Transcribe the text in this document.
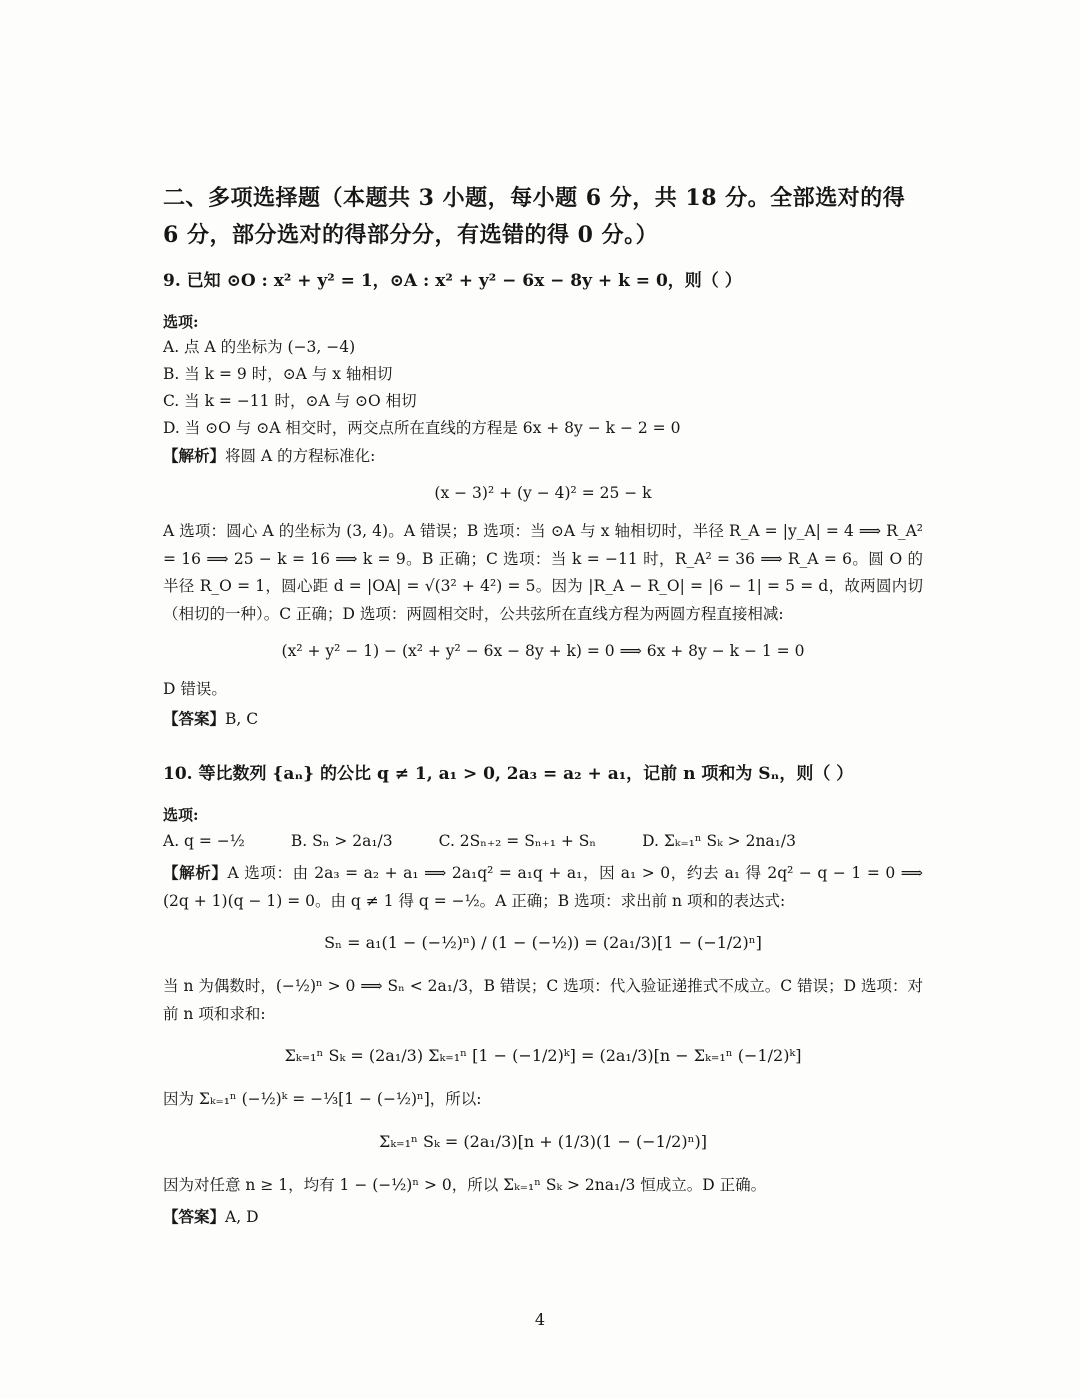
二、多项选择题（本题共 3 小题，每小题 6 分，共 18 分。全部选对的得 6 分，部分选对的得部分分，有选错的得 0 分。）

9. 已知 ⊙O : x² + y² = 1，⊙A : x² + y² − 6x − 8y + k = 0，则（ ）

选项:

A. 点 A 的坐标为 (−3, −4)

B. 当 k = 9 时，⊙A 与 x 轴相切

C. 当 k = −11 时，⊙A 与 ⊙O 相切

D. 当 ⊙O 与 ⊙A 相交时，两交点所在直线的方程是 6x + 8y − k − 2 = 0

【解析】将圆 A 的方程标准化:

(x − 3)² + (y − 4)² = 25 − k

A 选项：圆心 A 的坐标为 (3, 4)。A 错误；B 选项：当 ⊙A 与 x 轴相切时，半径 R_A = |y_A| = 4 ⟹ R_A² = 16 ⟹ 25 − k = 16 ⟹ k = 9。B 正确；C 选项：当 k = −11 时，R_A² = 36 ⟹ R_A = 6。圆 O 的半径 R_O = 1，圆心距 d = |OA| = √(3² + 4²) = 5。因为 |R_A − R_O| = |6 − 1| = 5 = d，故两圆内切（相切的一种）。C 正确；D 选项：两圆相交时，公共弦所在直线方程为两圆方程直接相减:

(x² + y² − 1) − (x² + y² − 6x − 8y + k) = 0 ⟹ 6x + 8y − k − 1 = 0

D 错误。

【答案】B, C

10. 等比数列 {aₙ} 的公比 q ≠ 1, a₁ > 0, 2a₃ = a₂ + a₁，记前 n 项和为 Sₙ，则（ ）

选项:
A. q = −½	B. Sₙ > 2a₁/3	C. 2Sₙ₊₂ = Sₙ₊₁ + Sₙ	D. Σₖ₌₁ⁿ Sₖ > 2na₁/3

【解析】A 选项：由 2a₃ = a₂ + a₁ ⟹ 2a₁q² = a₁q + a₁，因 a₁ > 0，约去 a₁ 得 2q² − q − 1 = 0 ⟹ (2q + 1)(q − 1) = 0。由 q ≠ 1 得 q = −½。A 正确；B 选项：求出前 n 项和的表达式:

Sₙ = a₁(1 − (−½)ⁿ) / (1 − (−½)) = (2a₁/3)[1 − (−1/2)ⁿ]

当 n 为偶数时，(−½)ⁿ > 0 ⟹ Sₙ < 2a₁/3，B 错误；C 选项：代入验证递推式不成立。C 错误；D 选项：对前 n 项和求和:

Σₖ₌₁ⁿ Sₖ = (2a₁/3) Σₖ₌₁ⁿ [1 − (−1/2)ᵏ] = (2a₁/3)[n − Σₖ₌₁ⁿ (−1/2)ᵏ]

因为 Σₖ₌₁ⁿ (−½)ᵏ = −⅓[1 − (−½)ⁿ]，所以:

Σₖ₌₁ⁿ Sₖ = (2a₁/3)[n + (1/3)(1 − (−1/2)ⁿ)]

因为对任意 n ≥ 1，均有 1 − (−½)ⁿ > 0，所以 Σₖ₌₁ⁿ Sₖ > 2na₁/3 恒成立。D 正确。

【答案】A, D

4
